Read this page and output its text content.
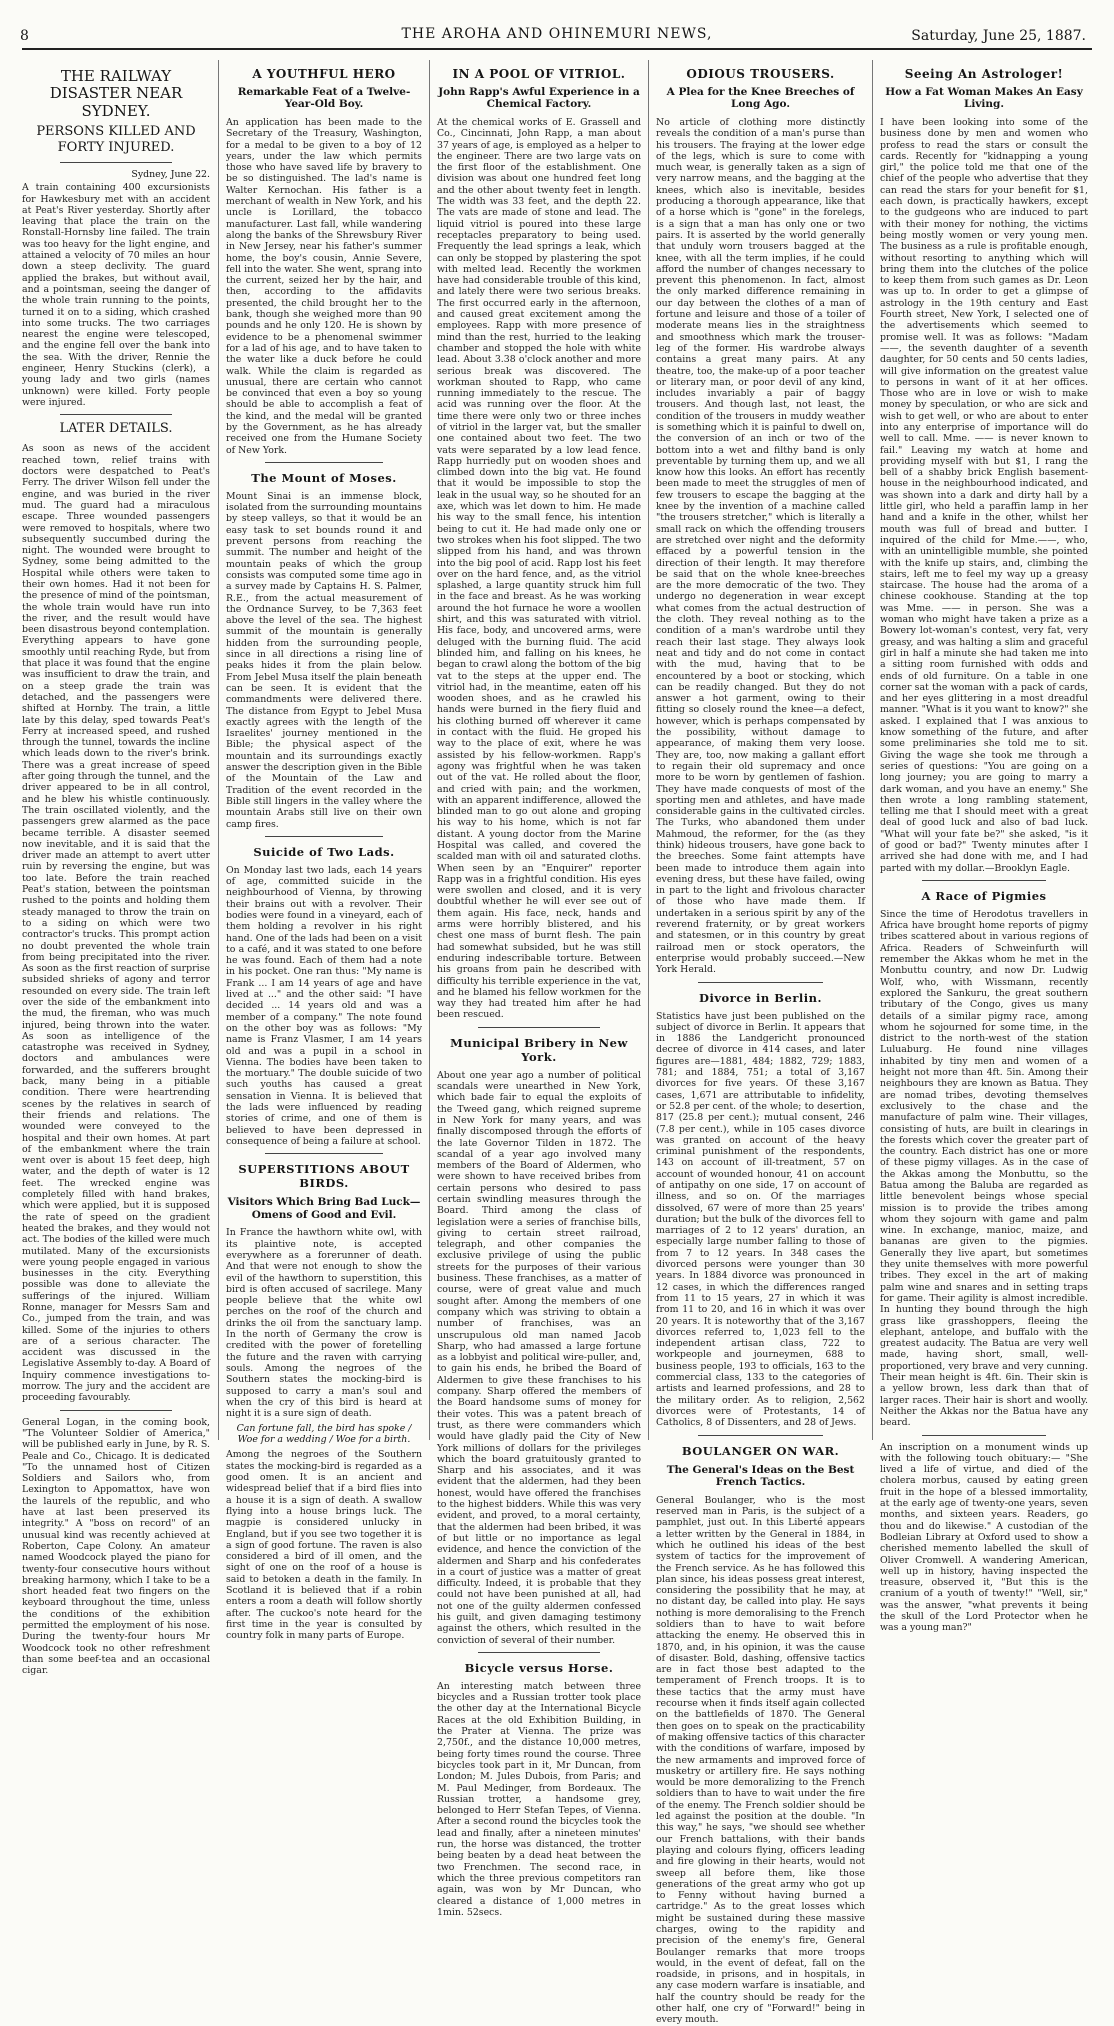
8	THE AROHA AND OHINEMURI NEWS,	Saturday, June 25, 1887.
THE RAILWAY DISASTER NEAR SYDNEY.
PERSONS KILLED AND FORTY INJURED.

Sydney, June 22.

A train containing 400 excursionists for Hawkesbury met with an accident at Peat's River yesterday. Shortly after leaving that place the train on the Ronstall-Hornsby line failed. The train was too heavy for the light engine, and attained a velocity of 70 miles an hour down a steep declivity. The guard applied the brakes, but without avail, and a pointsman, seeing the danger of the whole train running to the points, turned it on to a siding, which crashed into some trucks. The two carriages nearest the engine were telescoped, and the engine fell over the bank into the sea. With the driver, Rennie the engineer, Henry Stuckins (clerk), a young lady and two girls (names unknown) were killed. Forty people were injured.

LATER DETAILS.

As soon as news of the accident reached town, relief trains with doctors were despatched to Peat's Ferry. The driver Wilson fell under the engine, and was buried in the river mud. The guard had a miraculous escape. Three wounded passengers were removed to hospitals, where two subsequently succumbed during the night. The wounded were brought to Sydney, some being admitted to the Hospital while others were taken to their own homes. Had it not been for the presence of mind of the pointsman, the whole train would have run into the river, and the result would have been disastrous beyond contemplation. Everything appears to have gone smoothly until reaching Ryde, but from that place it was found that the engine was insufficient to draw the train, and on a steep grade the train was detached, and the passengers were shifted at Hornby. The train, a little late by this delay, sped towards Peat's Ferry at increased speed, and rushed through the tunnel, towards the incline which leads down to the river's brink. There was a great increase of speed after going through the tunnel, and the driver appeared to be in all control, and he blew his whistle continuously. The train oscillated violently, and the passengers grew alarmed as the pace became terrible. A disaster seemed now inevitable, and it is said that the driver made an attempt to avert utter ruin by reversing the engine, but was too late. Before the train reached Peat's station, between the pointsman rushed to the points and holding them steady managed to throw the train on to a siding on which were two contractor's trucks. This prompt action no doubt prevented the whole train from being precipitated into the river. As soon as the first reaction of surprise subsided shrieks of agony and terror resounded on every side. The train left over the side of the embankment into the mud, the fireman, who was much injured, being thrown into the water. As soon as intelligence of the catastrophe was received in Sydney, doctors and ambulances were forwarded, and the sufferers brought back, many being in a pitiable condition. There were heartrending scenes by the relatives in search of their friends and relations. The wounded were conveyed to the hospital and their own homes. At part of the embankment where the train went over is about 15 feet deep, high water, and the depth of water is 12 feet. The wrecked engine was completely filled with hand brakes, which were applied, but it is supposed the rate of speed on the gradient heated the brakes, and they would not act. The bodies of the killed were much mutilated. Many of the excursionists were young people engaged in various businesses in the city. Everything possible was done to alleviate the sufferings of the injured. William Ronne, manager for Messrs Sam and Co., jumped from the train, and was killed. Some of the injuries to others are of a serious character. The accident was discussed in the Legislative Assembly to-day. A Board of Inquiry commence investigations to-morrow. The jury and the accident are proceeding favourably.

General Logan, in the coming book, "The Volunteer Soldier of America," will be published early in June, by R. S. Peale and Co., Chicago. It is dedicated "To the unnamed host of Citizen Soldiers and Sailors who, from Lexington to Appomattox, have won the laurels of the republic, and who have at last been preserved its integrity." A "boss on record" of an unusual kind was recently achieved at Roberton, Cape Colony. An amateur named Woodcock played the piano for twenty-four consecutive hours without breaking harmony, which I take to be a short headed feat two fingers on the keyboard throughout the time, unless the conditions of the exhibition permitted the employment of his nose. During the twenty-four hours Mr Woodcock took no other refreshment than some beef-tea and an occasional cigar.

A YOUTHFUL HERO
Remarkable Feat of a Twelve-Year-Old Boy.

An application has been made to the Secretary of the Treasury, Washington, for a medal to be given to a boy of 12 years, under the law which permits those who have saved life by bravery to be so distinguished. The lad's name is Walter Kernochan. His father is a merchant of wealth in New York, and his uncle is Lorillard, the tobacco manufacturer. Last fall, while wandering along the banks of the Shrewsbury River in New Jersey, near his father's summer home, the boy's cousin, Annie Severe, fell into the water. She went, sprang into the current, seized her by the hair, and then, according to the affidavits presented, the child brought her to the bank, though she weighed more than 90 pounds and he only 120. He is shown by evidence to be a phenomenal swimmer for a lad of his age, and to have taken to the water like a duck before he could walk. While the claim is regarded as unusual, there are certain who cannot be convinced that even a boy so young should be able to accomplish a feat of the kind, and the medal will be granted by the Government, as he has already received one from the Humane Society of New York.

The Mount of Moses.

Mount Sinai is an immense block, isolated from the surrounding mountains by steep valleys, so that it would be an easy task to set bounds round it and prevent persons from reaching the summit. The number and height of the mountain peaks of which the group consists was computed some time ago in a survey made by Captains H. S. Palmer, R.E., from the actual measurement of the Ordnance Survey, to be 7,363 feet above the level of the sea. The highest summit of the mountain is generally hidden from the surrounding people, since in all directions a rising line of peaks hides it from the plain below. From Jebel Musa itself the plain beneath can be seen. It is evident that the commandments were delivered there. The distance from Egypt to Jebel Musa exactly agrees with the length of the Israelites' journey mentioned in the Bible; the physical aspect of the mountain and its surroundings exactly answer the description given in the Bible of the Mountain of the Law and Tradition of the event recorded in the Bible still lingers in the valley where the mountain Arabs still live on their own camp fires.

Suicide of Two Lads.

On Monday last two lads, each 14 years of age, committed suicide in the neighbourhood of Vienna, by throwing their brains out with a revolver. Their bodies were found in a vineyard, each of them holding a revolver in his right hand. One of the lads had been on a visit to a café, and it was stated to one before he was found. Each of them had a note in his pocket. One ran thus: "My name is Frank ... I am 14 years of age and have lived at ..." and the other said: "I have decided ... 14 years old and was a member of a company." The note found on the other boy was as follows: "My name is Franz Vlasmer, I am 14 years old and was a pupil in a school in Vienna. The bodies have been taken to the mortuary." The double suicide of two such youths has caused a great sensation in Vienna. It is believed that the lads were influenced by reading stories of crime, and one of them is believed to have been depressed in consequence of being a failure at school.

SUPERSTITIONS ABOUT BIRDS.
Visitors Which Bring Bad Luck—Omens of Good and Evil.

In France the hawthorn white owl, with its plaintive note, is accepted everywhere as a forerunner of death. And that were not enough to show the evil of the hawthorn to superstition, this bird is often accused of sacrilege. Many people believe that the white owl perches on the roof of the church and drinks the oil from the sanctuary lamp. In the north of Germany the crow is credited with the power of foretelling the future and the raven with carrying souls. Among the negroes of the Southern states the mocking-bird is supposed to carry a man's soul and when the cry of this bird is heard at night it is a sure sign of death.

Can fortune fall, the bird has spoke / Woe for a wedding / Woe for a birth.

Among the negroes of the Southern states the mocking-bird is regarded as a good omen. It is an ancient and widespread belief that if a bird flies into a house it is a sign of death. A swallow flying into a house brings luck. The magpie is considered unlucky in England, but if you see two together it is a sign of good fortune. The raven is also considered a bird of ill omen, and the sight of one on the roof of a house is said to betoken a death in the family. In Scotland it is believed that if a robin enters a room a death will follow shortly after. The cuckoo's note heard for the first time in the year is consulted by country folk in many parts of Europe.

IN A POOL OF VITRIOL.
John Rapp's Awful Experience in a Chemical Factory.

At the chemical works of E. Grassell and Co., Cincinnati, John Rapp, a man about 37 years of age, is employed as a helper to the engineer. There are two large vats on the first floor of the establishment. One division was about one hundred feet long and the other about twenty feet in length. The width was 33 feet, and the depth 22. The vats are made of stone and lead. The liquid vitriol is poured into these large receptacles preparatory to being used. Frequently the lead springs a leak, which can only be stopped by plastering the spot with melted lead. Recently the workmen have had considerable trouble of this kind, and lately there were two serious breaks. The first occurred early in the afternoon, and caused great excitement among the employees. Rapp with more presence of mind than the rest, hurried to the leaking chamber and stopped the hole with white lead. About 3.38 o'clock another and more serious break was discovered. The workman shouted to Rapp, who came running immediately to the rescue. The acid was running over the floor. At the time there were only two or three inches of vitriol in the larger vat, but the smaller one contained about two feet. The two vats were separated by a low lead fence. Rapp hurriedly put on wooden shoes and climbed down into the big vat. He found that it would be impossible to stop the leak in the usual way, so he shouted for an axe, which was let down to him. He made his way to the small fence, his intention being to cut it. He had made only one or two strokes when his foot slipped. The two slipped from his hand, and was thrown into the big pool of acid. Rapp lost his feet over on the hard fence, and, as the vitriol splashed, a large quantity struck him full in the face and breast. As he was working around the hot furnace he wore a woollen shirt, and this was saturated with vitriol. His face, body, and uncovered arms, were deluged with the burning fluid. The acid blinded him, and falling on his knees, he began to crawl along the bottom of the big vat to the steps at the upper end. The vitriol had, in the meantime, eaten off his wooden shoes, and as he crawled his hands were burned in the fiery fluid and his clothing burned off wherever it came in contact with the fluid. He groped his way to the place of exit, where he was assisted by his fellow-workmen. Rapp's agony was frightful when he was taken out of the vat. He rolled about the floor, and cried with pain; and the workmen, with an apparent indifference, allowed the blinded man to go out alone and groping his way to his home, which is not far distant. A young doctor from the Marine Hospital was called, and covered the scalded man with oil and saturated cloths. When seen by an "Enquirer" reporter Rapp was in a frightful condition. His eyes were swollen and closed, and it is very doubtful whether he will ever see out of them again. His face, neck, hands and arms were horribly blistered, and his chest one mass of burnt flesh. The pain had somewhat subsided, but he was still enduring indescribable torture. Between his groans from pain he described with difficulty his terrible experience in the vat, and he blamed his fellow workmen for the way they had treated him after he had been rescued.

Municipal Bribery in New York.

About one year ago a number of political scandals were unearthed in New York, which bade fair to equal the exploits of the Tweed gang, which reigned supreme in New York for many years, and was finally discomposed through the efforts of the late Governor Tilden in 1872. The scandal of a year ago involved many members of the Board of Aldermen, who were shown to have received bribes from certain persons who desired to pass certain swindling measures through the Board. Third among the class of legislation were a series of franchise bills, giving to certain street railroad, telegraph, and other companies the exclusive privilege of using the public streets for the purposes of their various business. These franchises, as a matter of course, were of great value and much sought after. Among the members of one company which was striving to obtain a number of franchises, was an unscrupulous old man named Jacob Sharp, who had amassed a large fortune as a lobbyist and political wire-puller, and, to gain his ends, he bribed the Board of Aldermen to give these franchises to his company. Sharp offered the members of the Board handsome sums of money for their votes. This was a patent breach of trust, as there were commanders which would have gladly paid the City of New York millions of dollars for the privileges which the board gratuitously granted to Sharp and his associates, and it was evident that the aldermen, had they been honest, would have offered the franchises to the highest bidders. While this was very evident, and proved, to a moral certainty, that the aldermen had been bribed, it was of but little or no importance as legal evidence, and hence the conviction of the aldermen and Sharp and his confederates in a court of justice was a matter of great difficulty. Indeed, it is probable that they could not have been punished at all, had not one of the guilty aldermen confessed his guilt, and given damaging testimony against the others, which resulted in the conviction of several of their number.

Bicycle versus Horse.

An interesting match between three bicycles and a Russian trotter took place the other day at the International Bicycle Races at the old Exhibition Building, in the Prater at Vienna. The prize was 2,750f., and the distance 10,000 metres, being forty times round the course. Three bicycles took part in it, Mr Duncan, from London; M. Jules Dubois, from Paris; and M. Paul Medinger, from Bordeaux. The Russian trotter, a handsome grey, belonged to Herr Stefan Tepes, of Vienna. After a second round the bicycles took the lead and finally, after a nineteen minutes' run, the horse was distanced, the trotter being beaten by a dead heat between the two Frenchmen. The second race, in which the three previous competitors ran again, was won by Mr Duncan, who cleared a distance of 1,000 metres in 1min. 52secs.

ODIOUS TROUSERS.
A Plea for the Knee Breeches of Long Ago.

No article of clothing more distinctly reveals the condition of a man's purse than his trousers. The fraying at the lower edge of the legs, which is sure to come with much wear, is generally taken as a sign of very narrow means, and the bagging at the knees, which also is inevitable, besides producing a thorough appearance, like that of a horse which is "gone" in the forelegs, is a sign that a man has only one or two pairs. It is asserted by the world generally that unduly worn trousers bagged at the knee, with all the term implies, if he could afford the number of changes necessary to prevent this phenomenon. In fact, almost the only marked difference remaining in our day between the clothes of a man of fortune and leisure and those of a toiler of moderate means lies in the straightness and smoothness which mark the trouser-leg of the former. His wardrobe always contains a great many pairs. At any theatre, too, the make-up of a poor teacher or literary man, or poor devil of any kind, includes invariably a pair of baggy trousers. And though last, not least, the condition of the trousers in muddy weather is something which it is painful to dwell on, the conversion of an inch or two of the bottom into a wet and filthy band is only preventable by turning them up, and we all know how this looks. An effort has recently been made to meet the struggles of men of few trousers to escape the bagging at the knee by the invention of a machine called "the trousers stretcher," which is literally a small rack on which the offending trousers are stretched over night and the deformity effaced by a powerful tension in the direction of their length. It may therefore be said that on the whole knee-breeches are the more democratic of the two. They undergo no degeneration in wear except what comes from the actual destruction of the cloth. They reveal nothing as to the condition of a man's wardrobe until they reach their last stage. They always look neat and tidy and do not come in contact with the mud, having that to be encountered by a boot or stocking, which can be readily changed. But they do not answer a hot garment, owing to their fitting so closely round the knee—a defect, however, which is perhaps compensated by the possibility, without damage to appearance, of making them very loose. They are, too, now making a gallant effort to regain their old supremacy and once more to be worn by gentlemen of fashion. They have made conquests of most of the sporting men and athletes, and have made considerable gains in the cultivated circles. The Turks, who abandoned them under Mahmoud, the reformer, for the (as they think) hideous trousers, have gone back to the breeches. Some faint attempts have been made to introduce them again into evening dress, but these have failed, owing in part to the light and frivolous character of those who have made them. If undertaken in a serious spirit by any of the reverend fraternity, or by great workers and statesmen, or in this country by great railroad men or stock operators, the enterprise would probably succeed.—New York Herald.

Divorce in Berlin.

Statistics have just been published on the subject of divorce in Berlin. It appears that in 1886 the Landgericht pronounced decree of divorce in 414 cases, and later figures are—1881, 484; 1882, 729; 1883, 781; and 1884, 751; a total of 3,167 divorces for five years. Of these 3,167 cases, 1,671 are attributable to infidelity, or 52.8 per cent. of the whole; to desertion, 817 (25.8 per cent.); mutual consent, 246 (7.8 per cent.), while in 105 cases divorce was granted on account of the heavy criminal punishment of the respondents, 143 on account of ill-treatment, 57 on account of wounded honour, 41 on account of antipathy on one side, 17 on account of illness, and so on. Of the marriages dissolved, 67 were of more than 25 years' duration; but the bulk of the divorces fell to marriages of 2 to 12 years' duration, an especially large number falling to those of from 7 to 12 years. In 348 cases the divorced persons were younger than 30 years. In 1884 divorce was pronounced in 12 cases, in which the differences ranged from 11 to 15 years, 27 in which it was from 11 to 20, and 16 in which it was over 20 years. It is noteworthy that of the 3,167 divorces referred to, 1,023 fell to the independent artisan class, 722 to workpeople and journeymen, 688 to business people, 193 to officials, 163 to the commercial class, 133 to the categories of artists and learned professions, and 28 to the military order. As to religion, 2,562 divorces were of Protestants, 14 of Catholics, 8 of Dissenters, and 28 of Jews.

BOULANGER ON WAR.
The General's Ideas on the Best French Tactics.

General Boulanger, who is the most reserved man in Paris, is the subject of a pamphlet, just out. In this Liberté appears a letter written by the General in 1884, in which he outlined his ideas of the best system of tactics for the improvement of the French service. As he has followed this plan since, his ideas possess great interest, considering the possibility that he may, at no distant day, be called into play. He says nothing is more demoralising to the French soldiers than to have to wait before attacking the enemy. He observed this in 1870, and, in his opinion, it was the cause of disaster. Bold, dashing, offensive tactics are in fact those best adapted to the temperament of French troops. It is to these tactics that the army must have recourse when it finds itself again collected on the battlefields of 1870. The General then goes on to speak on the practicability of making offensive tactics of this character with the conditions of warfare, imposed by the new armaments and improved force of musketry or artillery fire. He says nothing would be more demoralizing to the French soldiers than to have to wait under the fire of the enemy. The French soldier should be led against the position at the double. "In this way," he says, "we should see whether our French battalions, with their bands playing and colours flying, officers leading and fire glowing in their hearts, would not sweep all before them, like those generations of the great army who got up to Fenny without having burned a cartridge." As to the great losses which might be sustained during these massive charges, owing to the rapidity and precision of the enemy's fire, General Boulanger remarks that more troops would, in the event of defeat, fall on the roadside, in prisons, and in hospitals, in any case modern warfare is insatiable, and half the country should be ready for the other half, one cry of "Forward!" being in every mouth.

Seeing An Astrologer!
How a Fat Woman Makes An Easy Living.

I have been looking into some of the business done by men and women who profess to read the stars or consult the cards. Recently for "kidnapping a young girl," the police told me that one of the chief of the people who advertise that they can read the stars for your benefit for $1, each down, is practically hawkers, except to the gudgeons who are induced to part with their money for nothing, the victims being mostly women or very young men. The business as a rule is profitable enough, without resorting to anything which will bring them into the clutches of the police to keep them from such games as Dr. Leon was up to. In order to get a glimpse of astrology in the 19th century and East Fourth street, New York, I selected one of the advertisements which seemed to promise well. It was as follows: "Madam——, the seventh daughter of a seventh daughter, for 50 cents and 50 cents ladies, will give information on the greatest value to persons in want of it at her offices. Those who are in love or wish to make money by speculation, or who are sick and wish to get well, or who are about to enter into any enterprise of importance will do well to call. Mme. —— is never known to fail." Leaving my watch at home and providing myself with but $1, I rang the bell of a shabby brick English basement-house in the neighbourhood indicated, and was shown into a dark and dirty hall by a little girl, who held a paraffin lamp in her hand and a knife in the other, whilst her mouth was full of bread and butter. I inquired of the child for Mme.——, who, with an unintelligible mumble, she pointed with the knife up stairs, and, climbing the stairs, left me to feel my way up a greasy staircase. The house had the aroma of a chinese cookhouse. Standing at the top was Mme. —— in person. She was a woman who might have taken a prize as a Bowery lot-woman's contest, very fat, very greasy, and was halting a slim and graceful girl in half a minute she had taken me into a sitting room furnished with odds and ends of old furniture. On a table in one corner sat the woman with a pack of cards, and her eyes glittering in a most dreadful manner. "What is it you want to know?" she asked. I explained that I was anxious to know something of the future, and after some preliminaries she told me to sit. Giving the wage she took me through a series of questions: "You are going on a long journey; you are going to marry a dark woman, and you have an enemy." She then wrote a long rambling statement, telling me that I should meet with a great deal of good luck and also of bad luck. "What will your fate be?" she asked, "is it of good or bad?" Twenty minutes after I arrived she had done with me, and I had parted with my dollar.—Brooklyn Eagle.

A Race of Pigmies

Since the time of Herodotus travellers in Africa have brought home reports of pigmy tribes scattered about in various regions of Africa. Readers of Schweinfurth will remember the Akkas whom he met in the Monbuttu country, and now Dr. Ludwig Wolf, who, with Wissmann, recently explored the Sankuru, the great southern tributary of the Congo, gives us many details of a similar pigmy race, among whom he sojourned for some time, in the district to the north-west of the station Luluaburg. He found nine villages inhabited by tiny men and women of a height not more than 4ft. 5in. Among their neighbours they are known as Batua. They are nomad tribes, devoting themselves exclusively to the chase and the manufacture of palm wine. Their villages, consisting of huts, are built in clearings in the forests which cover the greater part of the country. Each district has one or more of these pigmy villages. As in the case of the Akkas among the Monbuttu, so the Batua among the Baluba are regarded as little benevolent beings whose special mission is to provide the tribes among whom they sojourn with game and palm wine. In exchange, manioc, maize, and bananas are given to the pigmies. Generally they live apart, but sometimes they unite themselves with more powerful tribes. They excel in the art of making palm wine and snares and in setting traps for game. Their agility is almost incredible. In hunting they bound through the high grass like grasshoppers, fleeing the elephant, antelope, and buffalo with the greatest audacity. The Batua are very well made, having short, small, well-proportioned, very brave and very cunning. Their mean height is 4ft. 6in. Their skin is a yellow brown, less dark than that of larger races. Their hair is short and woolly. Neither the Akkas nor the Batua have any beard.

An inscription on a monument winds up with the following touch obituary:— "She lived a life of virtue, and died of the cholera morbus, caused by eating green fruit in the hope of a blessed immortality, at the early age of twenty-one years, seven months, and sixteen years. Readers, go thou and do likewise." A custodian of the Bodleian Library at Oxford used to show a cherished memento labelled the skull of Oliver Cromwell. A wandering American, well up in history, having inspected the treasure, observed it, "But this is the cranium of a youth of twenty!" "Well, sir," was the answer, "what prevents it being the skull of the Lord Protector when he was a young man?"
